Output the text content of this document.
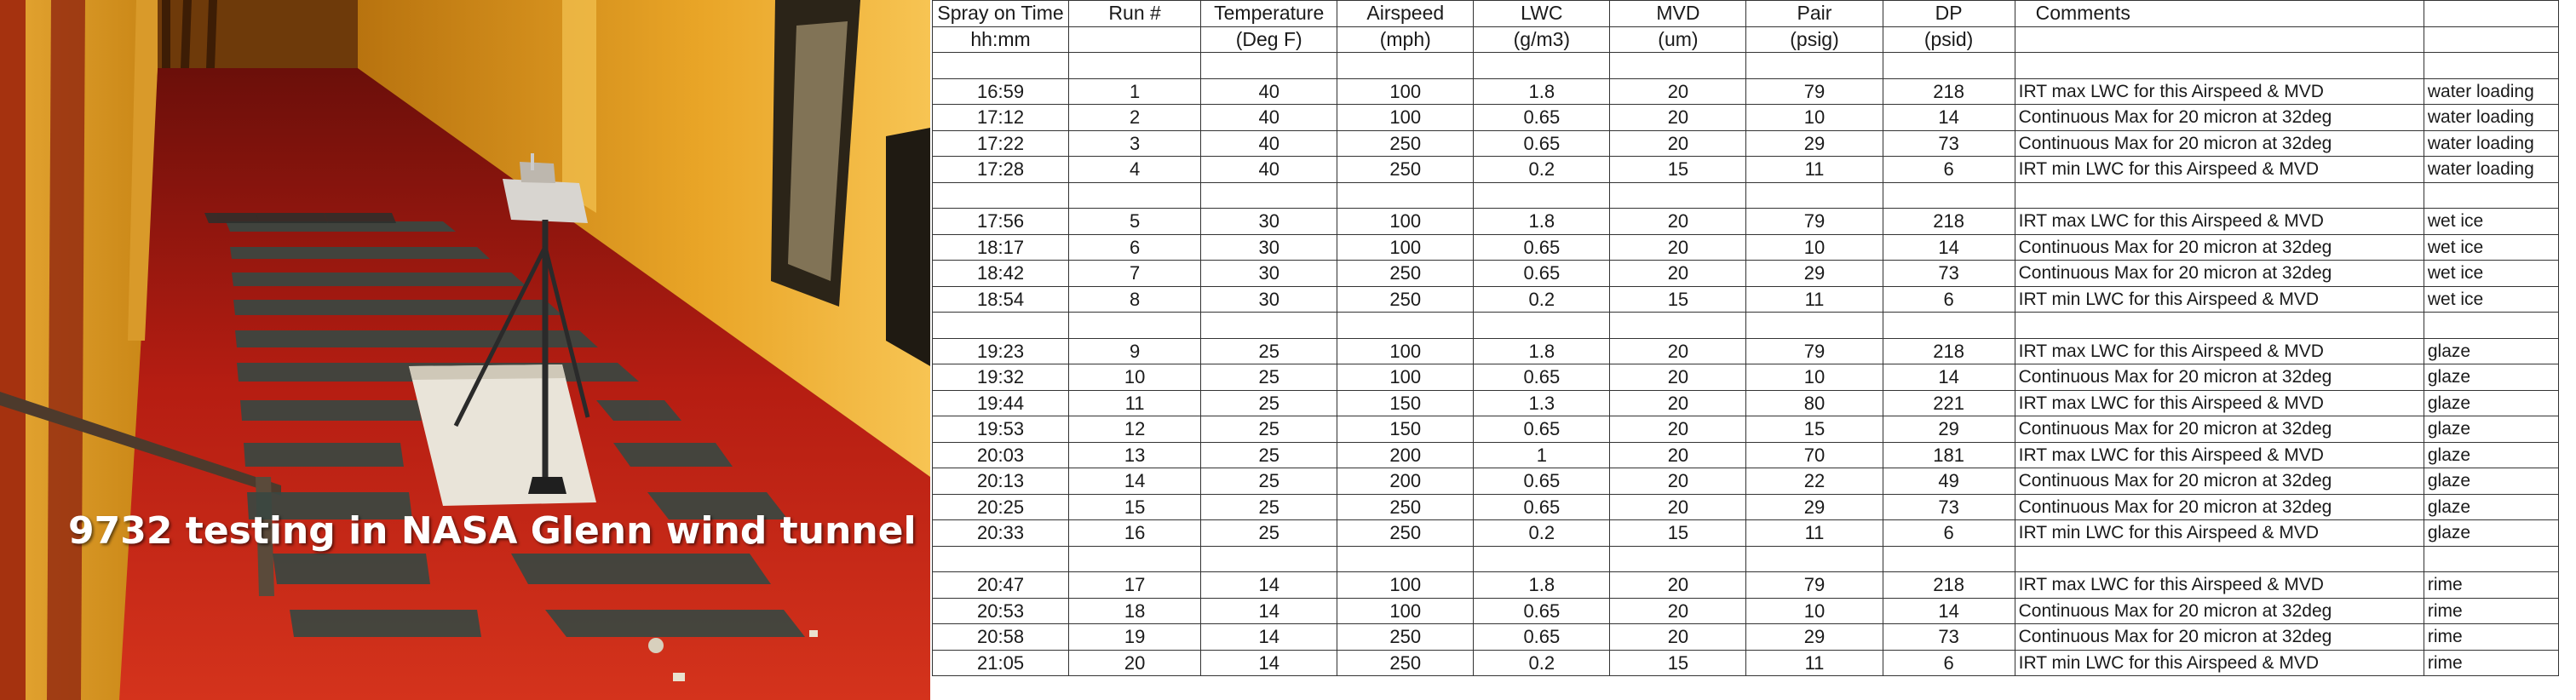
9732 testing in NASA Glenn wind tunnel
Spray on Time	Run #	Temperature	Airspeed	LWC	MVD	Pair	DP	Comments	
hh:mm		(Deg F)	(mph)	(g/m3)	(um)	(psig)	(psid)		

16:59	1	40	100	1.8	20	79	218	IRT max LWC for this Airspeed & MVD	water loading
17:12	2	40	100	0.65	20	10	14	Continuous Max for 20 micron at 32deg	water loading
17:22	3	40	250	0.65	20	29	73	Continuous Max for 20 micron at 32deg	water loading
17:28	4	40	250	0.2	15	11	6	IRT min LWC for this Airspeed & MVD	water loading

17:56	5	30	100	1.8	20	79	218	IRT max LWC for this Airspeed & MVD	wet ice
18:17	6	30	100	0.65	20	10	14	Continuous Max for 20 micron at 32deg	wet ice
18:42	7	30	250	0.65	20	29	73	Continuous Max for 20 micron at 32deg	wet ice
18:54	8	30	250	0.2	15	11	6	IRT min LWC for this Airspeed & MVD	wet ice

19:23	9	25	100	1.8	20	79	218	IRT max LWC for this Airspeed & MVD	glaze
19:32	10	25	100	0.65	20	10	14	Continuous Max for 20 micron at 32deg	glaze
19:44	11	25	150	1.3	20	80	221	IRT max LWC for this Airspeed & MVD	glaze
19:53	12	25	150	0.65	20	15	29	Continuous Max for 20 micron at 32deg	glaze
20:03	13	25	200	1	20	70	181	IRT max LWC for this Airspeed & MVD	glaze
20:13	14	25	200	0.65	20	22	49	Continuous Max for 20 micron at 32deg	glaze
20:25	15	25	250	0.65	20	29	73	Continuous Max for 20 micron at 32deg	glaze
20:33	16	25	250	0.2	15	11	6	IRT min LWC for this Airspeed & MVD	glaze

20:47	17	14	100	1.8	20	79	218	IRT max LWC for this Airspeed & MVD	rime
20:53	18	14	100	0.65	20	10	14	Continuous Max for 20 micron at 32deg	rime
20:58	19	14	250	0.65	20	29	73	Continuous Max for 20 micron at 32deg	rime
21:05	20	14	250	0.2	15	11	6	IRT min LWC for this Airspeed & MVD	rime
